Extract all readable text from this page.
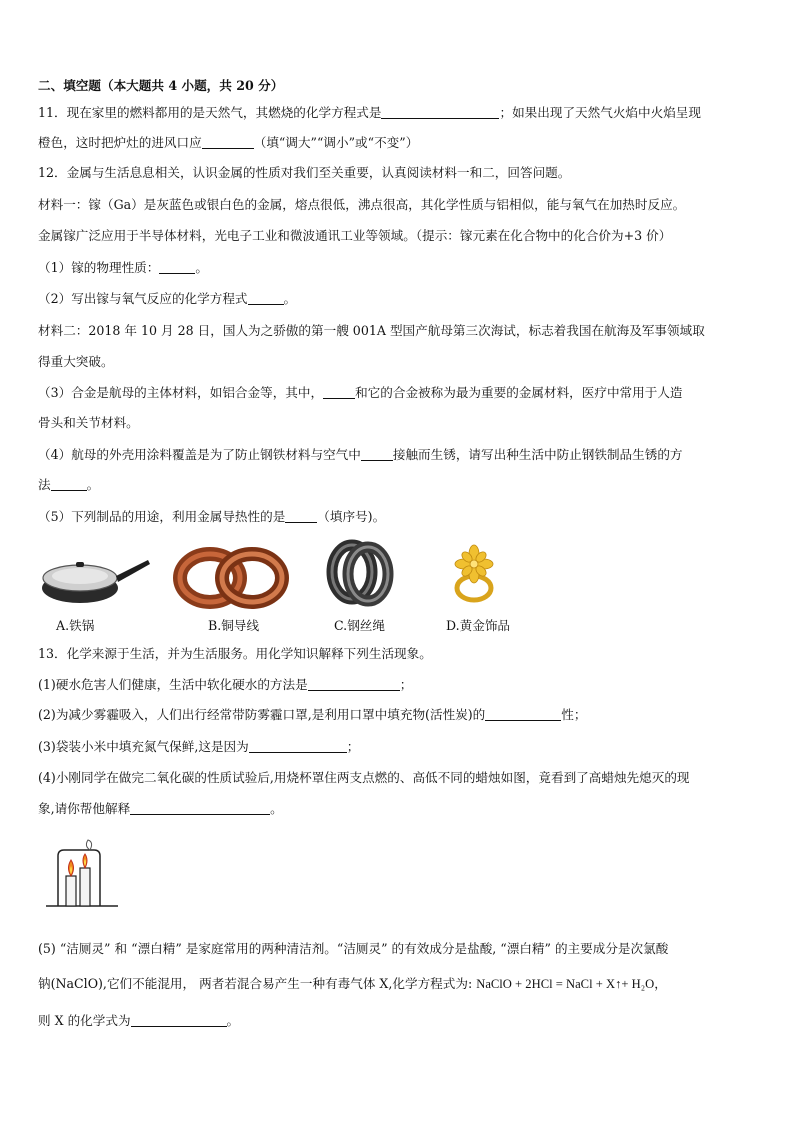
二、填空题（本大题共 4 小题，共 20 分）
11．现在家里的燃料都用的是天然气，其燃烧的化学方程式是	；如果出现了天然气火焰中火焰呈现
橙色，这时把炉灶的进风口应	（填“调大”“调小”或“不变”）
12．金属与生活息息相关，认识金属的性质对我们至关重要，认真阅读材料一和二，回答问题。
材料一：镓（Ga）是灰蓝色或银白色的金属，熔点很低，沸点很高，其化学性质与铝相似，能与氧气在加热时反应。
金属镓广泛应用于半导体材料，光电子工业和微波通讯工业等领域。（提示：镓元素在化合物中的化合价为+3 价）
（1）镓的物理性质：	。
（2）写出镓与氧气反应的化学方程式	。
材料二：2018 年 10 月 28 日，国人为之骄傲的第一艘 001A 型国产航母第三次海试，标志着我国在航海及军事领域取
得重大突破。
（3）合金是航母的主体材料，如铝合金等，其中，	和它的合金被称为最为重要的金属材料，医疗中常用于人造
骨头和关节材料。
（4）航母的外壳用涂料覆盖是为了防止钢铁材料与空气中	接触而生锈，请写出种生活中防止钢铁制品生锈的方
法	。
（5）下列制品的用途，利用金属导热性的是	（填序号)。
A.铁锅	B.铜导线	C.钢丝绳	D.黄金饰品
13．化学来源于生活，并为生活服务。用化学知识解释下列生活现象。
(1)硬水危害人们健康，生活中软化硬水的方法是	；
(2)为减少雾霾吸入，人们出行经常带防雾霾口罩,是利用口罩中填充物(活性炭)的	性；
(3)袋装小米中填充氮气保鲜,这是因为	；
(4)小刚同学在做完二氧化碳的性质试验后,用烧杯罩住两支点燃的、高低不同的蜡烛如图，竟看到了高蜡烛先熄灭的现
象,请你帮他解释	。
(5) “洁厕灵” 和 “漂白精” 是家庭常用的两种清洁剂。“洁厕灵” 的有效成分是盐酸, “漂白精” 的主要成分是次氯酸
钠(NaClO),它们不能混用， 两者若混合易产生一种有毒气体 X,化学方程式为: NaClO + 2HCl = NaCl + X↑+ H₂O，
则 X 的化学式为	。
